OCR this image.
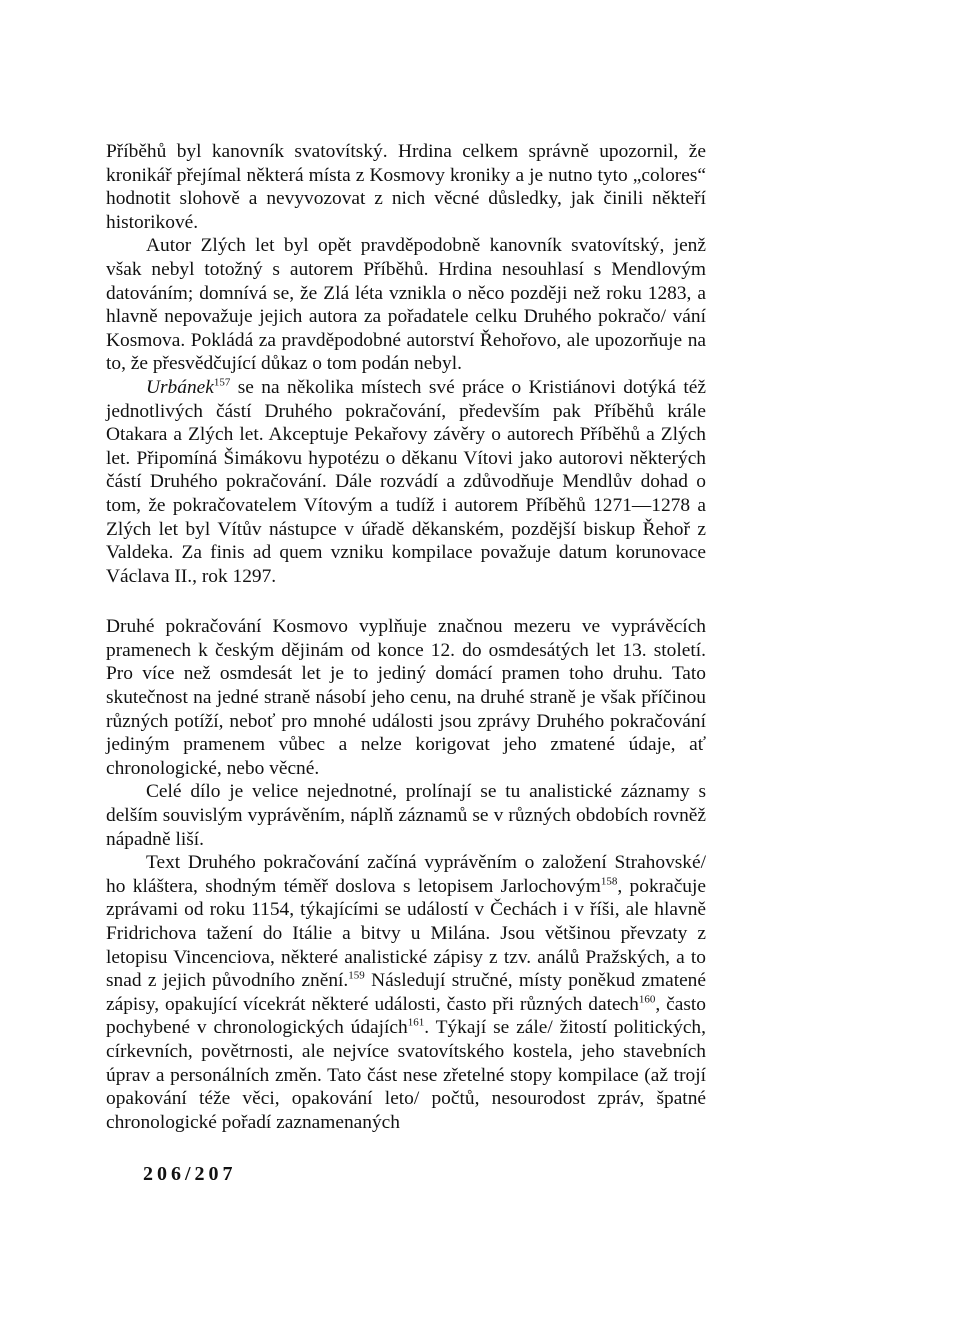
Příběhů byl kanovník svatovítský. Hrdina celkem správně upozornil, že kronikář přejímal některá místa z Kosmovy kroniky a je nutno tyto „colores“ hodnotit slohově a nevyvozovat z nich věcné důsledky, jak činili někteří historikové.

Autor Zlých let byl opět pravděpodobně kanovník svatovítský, jenž však nebyl totožný s autorem Příběhů. Hrdina nesouhlasí s Mendlovým datováním; domnívá se, že Zlá léta vznikla o něco později než roku 1283, a hlavně nepovažuje jejich autora za pořadatele celku Druhého pokračo/ vání Kosmova. Pokládá za pravděpodobné autorství Řehořovo, ale upozorňuje na to, že přesvědčující důkaz o tom podán nebyl.

Urbánek$^{157}$ se na několika místech své práce o Kristiánovi dotýká též jednotlivých částí Druhého pokračování, především pak Příběhů krále Otakara a Zlých let. Akceptuje Pekařovy závěry o autorech Příběhů a Zlých let. Připomíná Šimákovu hypotézu o děkanu Vítovi jako autorovi některých částí Druhého pokračování. Dále rozvádí a zdůvodňuje Mendlův dohad o tom, že pokračovatelem Vítovým a tudíž i autorem Příběhů 1271—1278 a Zlých let byl Vítův nástupce v úřadě děkanském, pozdější biskup Řehoř z Valdeka. Za finis ad quem vzniku kompilace považuje datum korunovace Václava II., rok 1297.

Druhé pokračování Kosmovo vyplňuje značnou mezeru ve vyprávěcích pramenech k českým dějinám od konce 12. do osmdesátých let 13. století. Pro více než osmdesát let je to jediný domácí pramen toho druhu. Tato skutečnost na jedné straně násobí jeho cenu, na druhé straně je však příčinou různých potíží, neboť pro mnohé události jsou zprávy Druhého pokračování jediným pramenem vůbec a nelze korigovat jeho zmatené údaje, ať chronologické, nebo věcné.

Celé dílo je velice nejednotné, prolínají se tu analistické záznamy s delším souvislým vyprávěním, náplň záznamů se v různých obdobích rovněž nápadně liší.

Text Druhého pokračování začíná vyprávěním o založení Strahovské/ ho kláštera, shodným téměř doslova s letopisem Jarlochovým$^{158}$, pokračuje zprávami od roku 1154, týkajícími se událostí v Čechách i v říši, ale hlavně Fridrichova tažení do Itálie a bitvy u Milána. Jsou většinou převzaty z letopisu Vincenciova, některé analistické zápisy z tzv. análů Pražských, a to snad z jejich původního znění.$^{159}$ Následují stručné, místy poněkud zmatené zápisy, opakující vícekrát některé události, často při různých datech$^{160}$, často pochybené v chronologických údajích$^{161}$. Týkají se zále/ žitostí politických, církevních, povětrnosti, ale nejvíce svatovítského kostela, jeho stavebních úprav a personálních změn. Tato část nese zřetelné stopy kompilace (až trojí opakování téže věci, opakování leto/ počtů, nesourodost zpráv, špatné chronologické pořadí zaznamenaných

206/207
